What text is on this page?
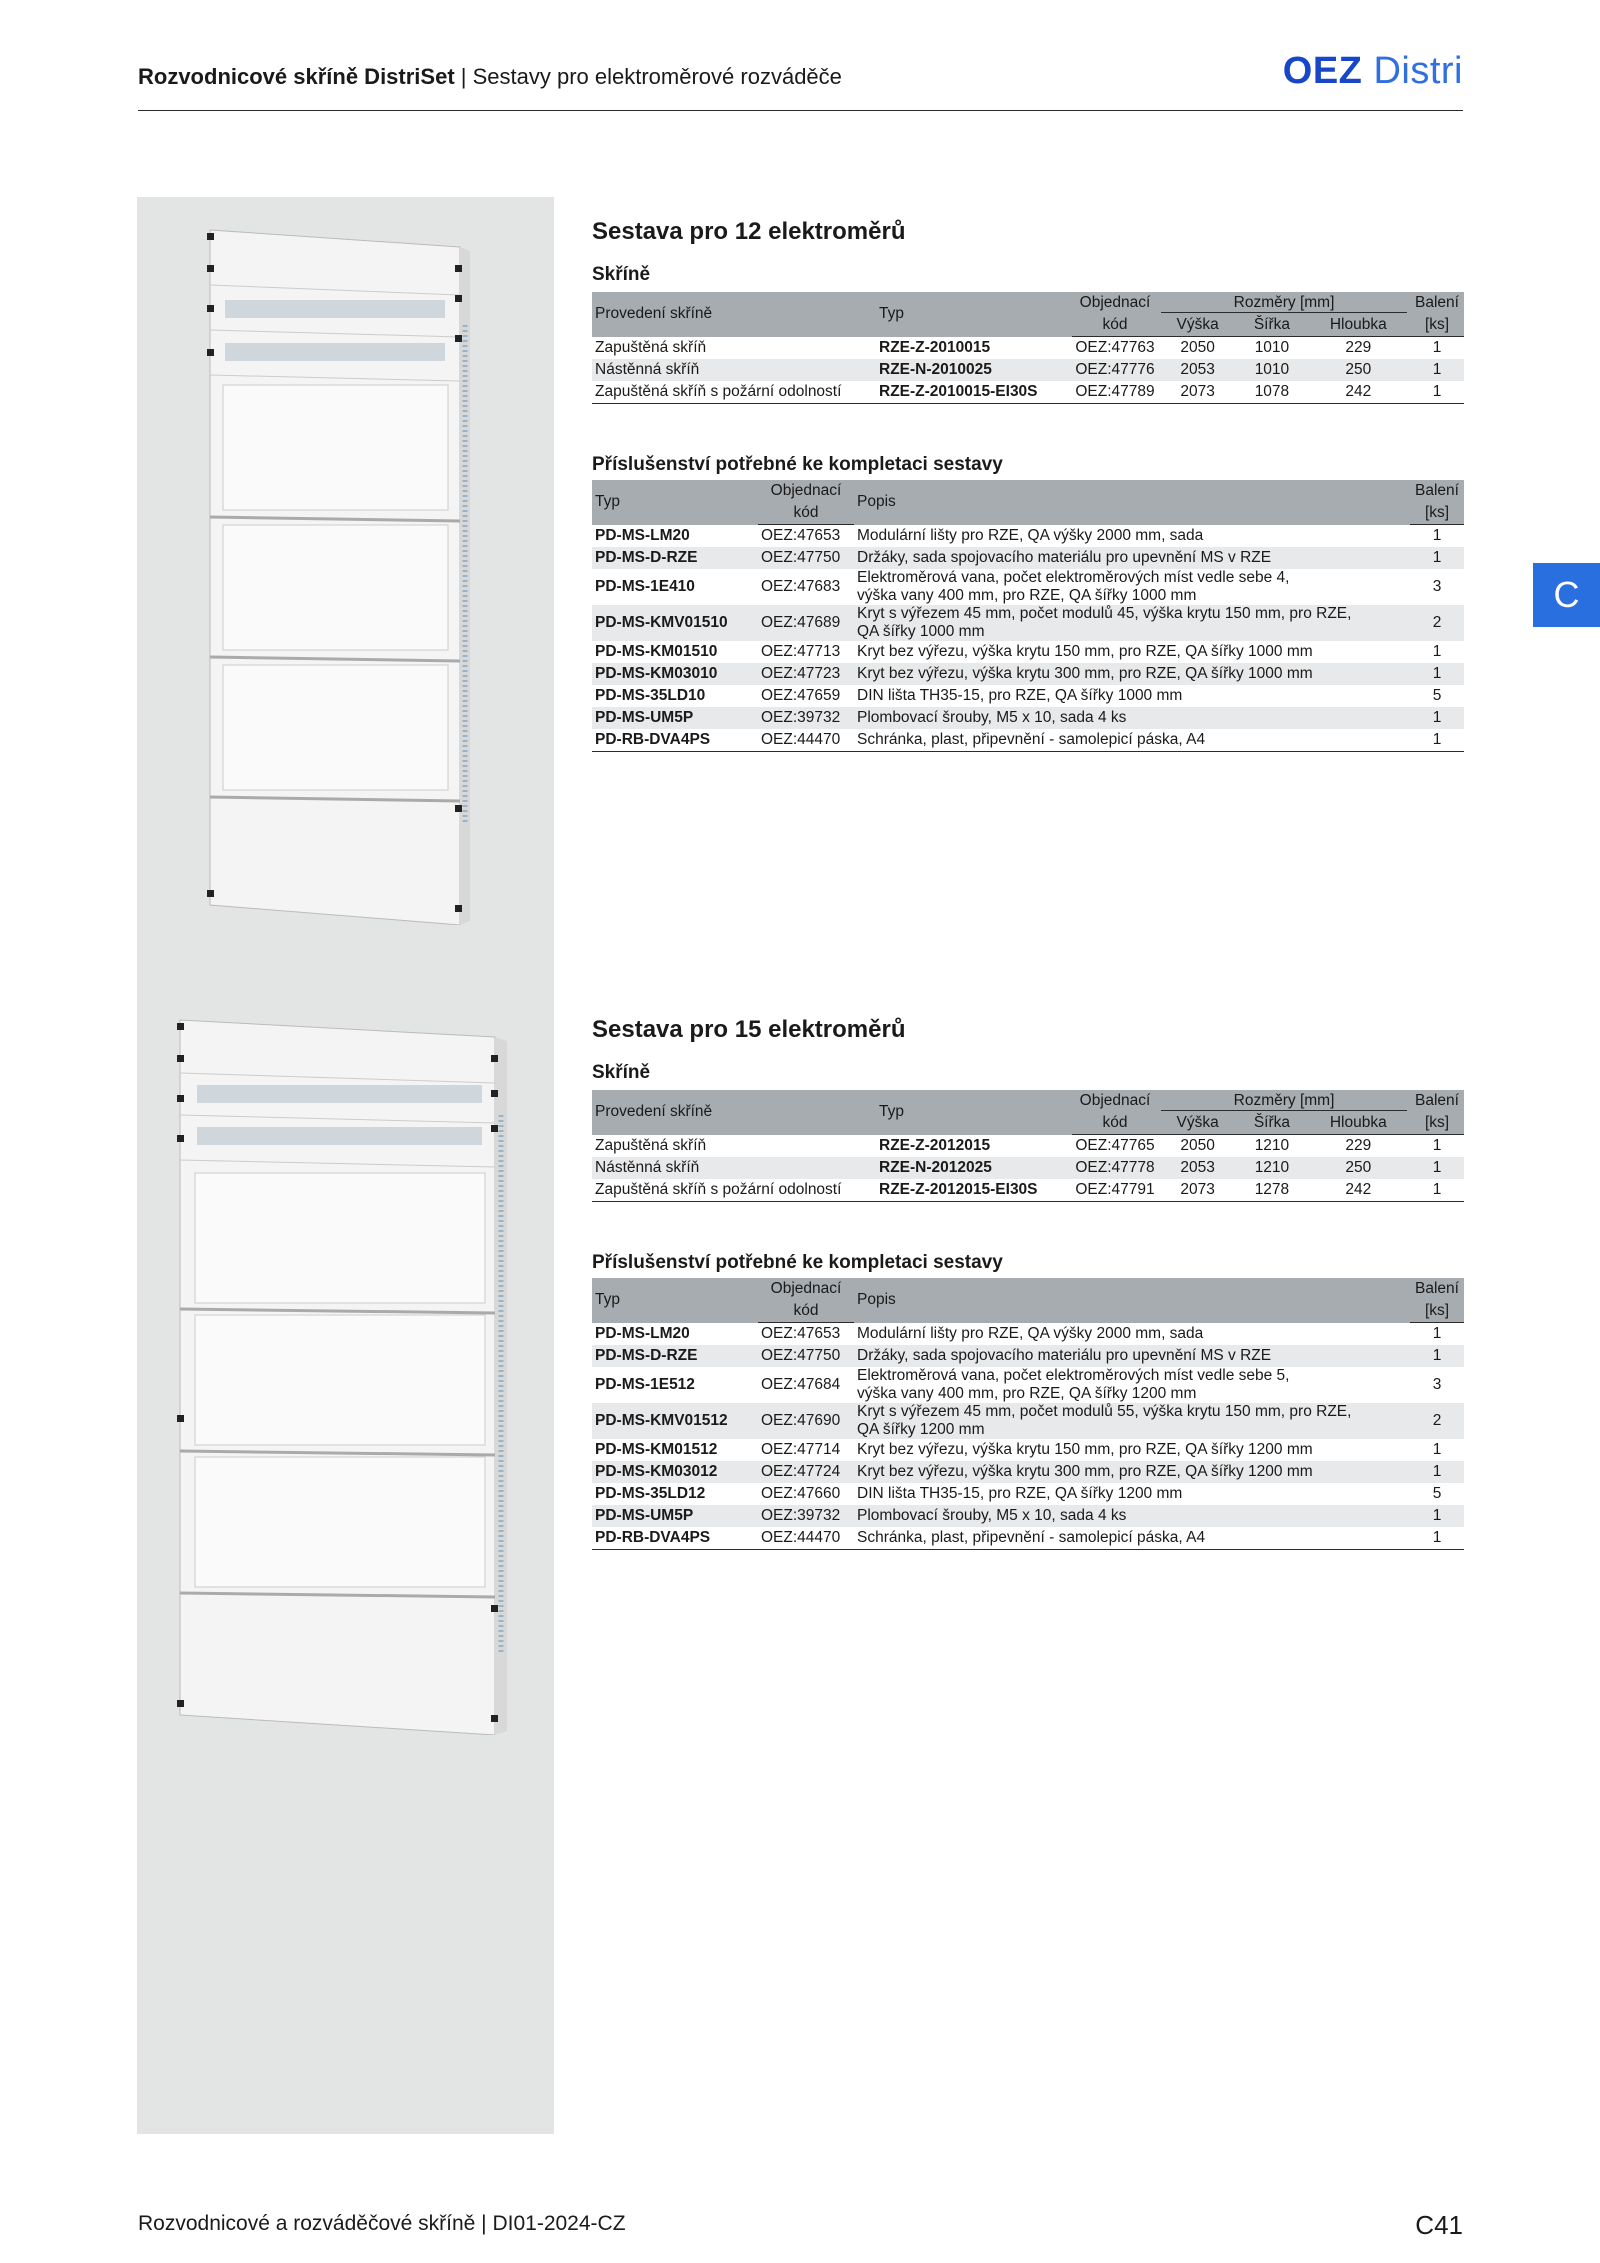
Rozvodnicové skříně DistriSet | Sestavy pro elektroměrové rozváděče	OEZ Distri
C
Sestava pro 12 elektroměrů
Skříně
Provedení skříně	Typ	Objednací	Rozměry [mm]			Balení
		kód	Výška	Šířka	Hloubka	[ks]
Zapuštěná skříň	RZE-Z-2010015	OEZ:47763	2050	1010	229	1
Nástěnná skříň	RZE-N-2010025	OEZ:47776	2053	1010	250	1
Zapuštěná skříň s požární odolností	RZE-Z-2010015-EI30S	OEZ:47789	2073	1078	242	1
Příslušenství potřebné ke kompletaci sestavy
Typ	Objednací	Popis	Balení
	kód		[ks]
PD-MS-LM20	OEZ:47653	Modulární lišty pro RZE, QA výšky 2000 mm, sada	1
PD-MS-D-RZE	OEZ:47750	Držáky, sada spojovacího materiálu pro upevnění MS v RZE	1
PD-MS-1E410	OEZ:47683	Elektroměrová vana, počet elektroměrových míst vedle sebe 4,
výška vany 400 mm, pro RZE, QA šířky 1000 mm	3
PD-MS-KMV01510	OEZ:47689	Kryt s výřezem 45 mm, počet modulů 45, výška krytu 150 mm, pro RZE,
QA šířky 1000 mm	2
PD-MS-KM01510	OEZ:47713	Kryt bez výřezu, výška krytu 150 mm, pro RZE, QA šířky 1000 mm	1
PD-MS-KM03010	OEZ:47723	Kryt bez výřezu, výška krytu 300 mm, pro RZE, QA šířky 1000 mm	1
PD-MS-35LD10	OEZ:47659	DIN lišta TH35-15, pro RZE, QA šířky 1000 mm	5
PD-MS-UM5P	OEZ:39732	Plombovací šrouby, M5 x 10, sada 4 ks	1
PD-RB-DVA4PS	OEZ:44470	Schránka, plast, připevnění - samolepicí páska, A4	1
Sestava pro 15 elektroměrů
Skříně
Provedení skříně	Typ	Objednací	Rozměry [mm]			Balení
		kód	Výška	Šířka	Hloubka	[ks]
Zapuštěná skříň	RZE-Z-2012015	OEZ:47765	2050	1210	229	1
Nástěnná skříň	RZE-N-2012025	OEZ:47778	2053	1210	250	1
Zapuštěná skříň s požární odolností	RZE-Z-2012015-EI30S	OEZ:47791	2073	1278	242	1
Příslušenství potřebné ke kompletaci sestavy
Typ	Objednací	Popis	Balení
	kód		[ks]
PD-MS-LM20	OEZ:47653	Modulární lišty pro RZE, QA výšky 2000 mm, sada	1
PD-MS-D-RZE	OEZ:47750	Držáky, sada spojovacího materiálu pro upevnění MS v RZE	1
PD-MS-1E512	OEZ:47684	Elektroměrová vana, počet elektroměrových míst vedle sebe 5,
výška vany 400 mm, pro RZE, QA šířky 1200 mm	3
PD-MS-KMV01512	OEZ:47690	Kryt s výřezem 45 mm, počet modulů 55, výška krytu 150 mm, pro RZE,
QA šířky 1200 mm	2
PD-MS-KM01512	OEZ:47714	Kryt bez výřezu, výška krytu 150 mm, pro RZE, QA šířky 1200 mm	1
PD-MS-KM03012	OEZ:47724	Kryt bez výřezu, výška krytu 300 mm, pro RZE, QA šířky 1200 mm	1
PD-MS-35LD12	OEZ:47660	DIN lišta TH35-15, pro RZE, QA šířky 1200 mm	5
PD-MS-UM5P	OEZ:39732	Plombovací šrouby, M5 x 10, sada 4 ks	1
PD-RB-DVA4PS	OEZ:44470	Schránka, plast, připevnění - samolepicí páska, A4	1
Rozvodnicové a rozváděčové skříně | DI01-2024-CZ	C41
